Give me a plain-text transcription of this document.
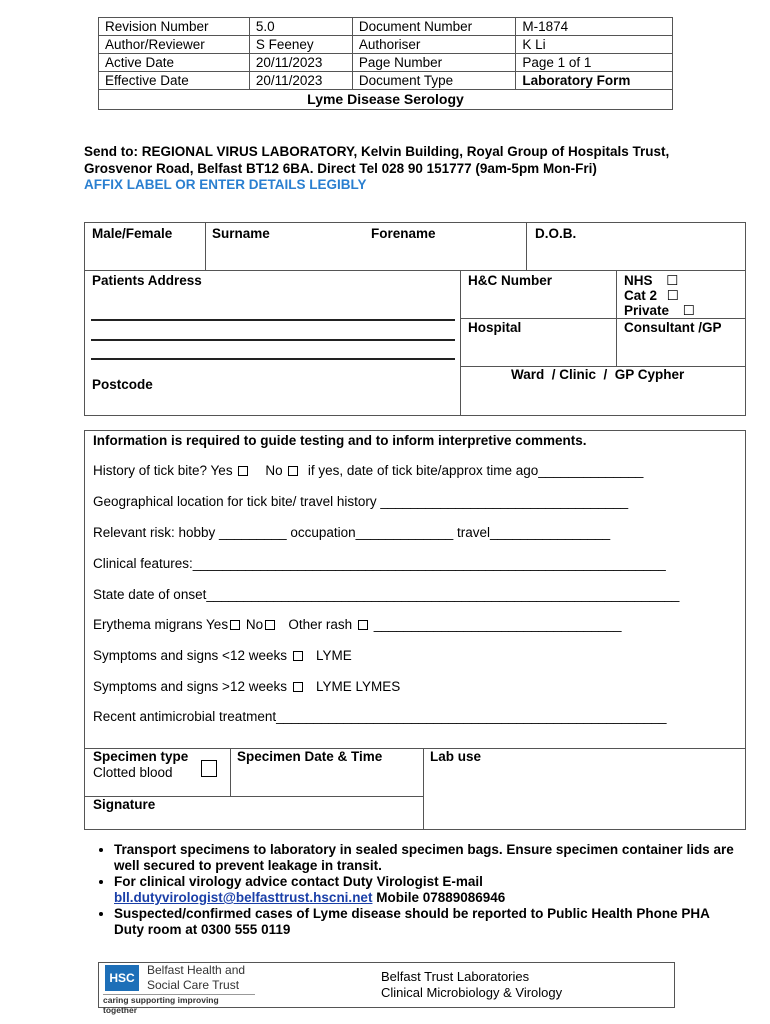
Revision Number	5.0	Document Number	M-1874
Author/Reviewer	S Feeney	Authoriser	K Li
Active Date	20/11/2023	Page Number	Page 1 of 1
Effective Date	20/11/2023	Document Type	Laboratory Form
Lyme Disease Serology			
Send to: REGIONAL VIRUS LABORATORY, Kelvin Building, Royal Group of Hospitals Trust, Grosvenor Road, Belfast BT12 6BA. Direct Tel 028 90 151777 (9am-5pm Mon-Fri)
AFFIX LABEL OR ENTER DETAILS LEGIBLY
Male/Female	Surname	Forename	D.O.B.
Patients Address
Postcode
H&C Number	NHS ☐
Cat 2 ☐
Private ☐
Hospital	Consultant /GP
Ward  / Clinic  /  GP Cypher
Information is required to guide testing and to inform interpretive comments.
History of tick bite? Yes No if yes, date of tick bite/approx time ago______________
Geographical location for tick bite/ travel history _________________________________
Relevant risk: hobby _________ occupation_____________ travel________________
Clinical features:_______________________________________________________________
State date of onset_______________________________________________________________
Erythema migrans Yes No Other rash _________________________________
Symptoms and signs <12 weeks LYME
Symptoms and signs >12 weeks LYME LYMES
Recent antimicrobial treatment____________________________________________________
Specimen type
Clotted blood
Specimen Date & Time	Lab use
Signature
• Transport specimens to laboratory in sealed specimen bags. Ensure specimen container lids are well secured to prevent leakage in transit.
• For clinical virology advice contact Duty Virologist E-mail
bll.dutyvirologist@belfasttrust.hscni.net Mobile 07889086946
• Suspected/confirmed cases of Lyme disease should be reported to Public Health Phone PHA Duty room at 0300 555 0119
HSC
Belfast Health and
Social Care Trust
caring supporting improving together
Belfast Trust Laboratories
Clinical Microbiology & Virology
